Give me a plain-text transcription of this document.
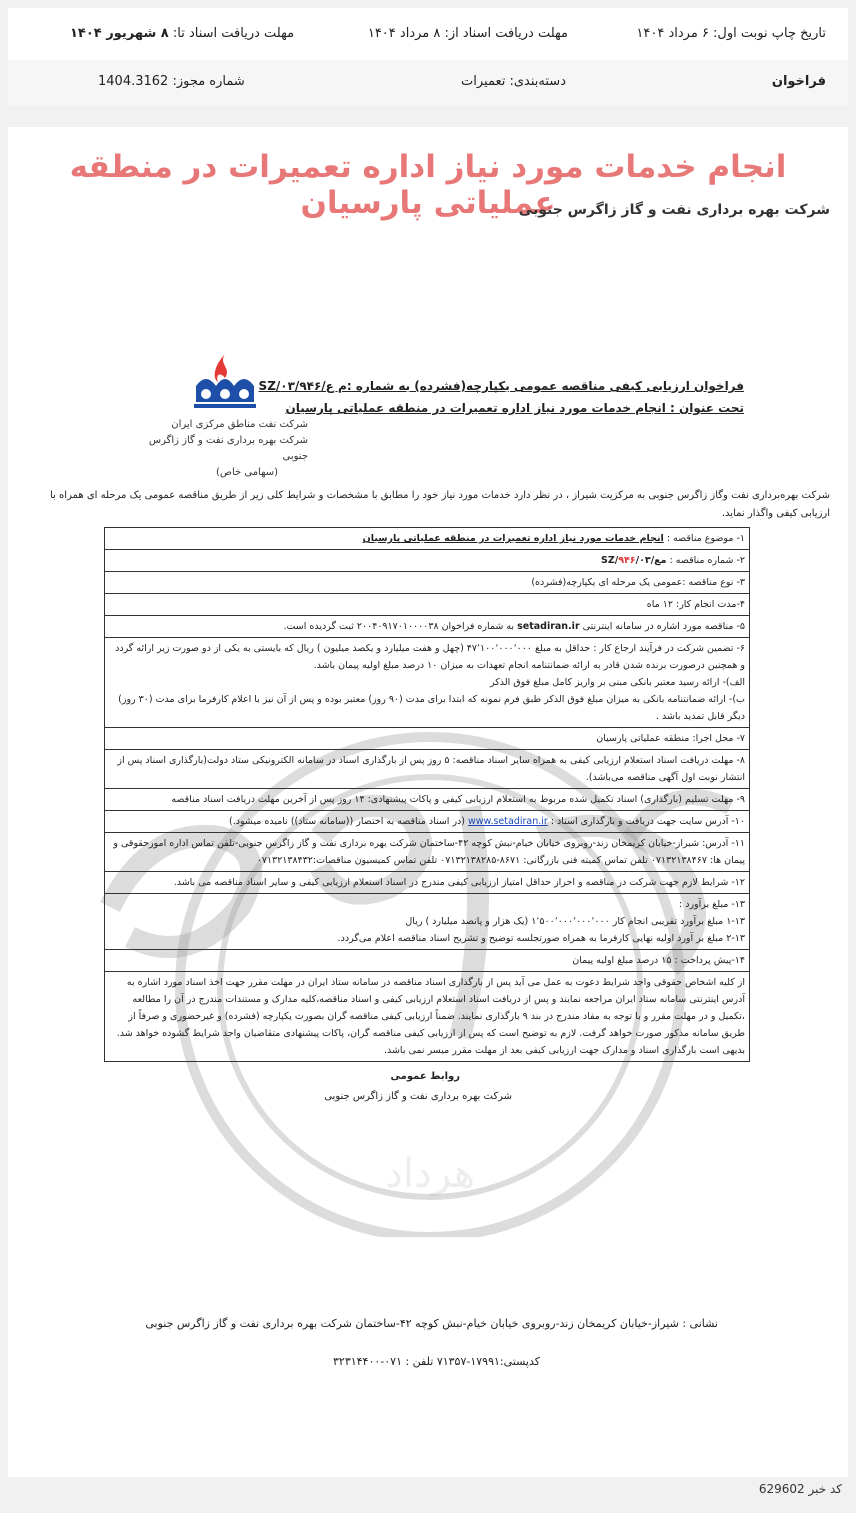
تاریخ چاپ نوبت اول: ۶ مرداد ۱۴۰۴
مهلت دریافت اسناد از: ۸ مرداد ۱۴۰۴
مهلت دریافت اسناد تا: ۸ شهریور ۱۴۰۴
فراخوان
دسته‌بندی: تعمیرات
شماره مجوز: 1404.3162
انجام خدمات مورد نیاز اداره تعمیرات در منطقه عملیاتی پارسیان
شرکت بهره برداری نفت و گاز زاگرس جنوبی
هرداد
شرکت نفت مناطق مرکزی ایران
شرکت بهره برداری نفت و گاز زاگرس جنوبی
(سهامی خاص)
فراخوان ارزیابی کیفی مناقصه عمومی یکپارچه(فشرده) به شماره :م ع/۰۳/۹۴۶/SZ
تحت عنوان : انجام خدمات مورد نیاز اداره تعمیرات در منطقه عملیاتی پارسیان
شرکت بهره‌برداری نفت وگاز زاگرس جنوبی به مرکزیت شیراز ، در نظر دارد خدمات مورد نیاز خود را مطابق با مشخصات و شرایط کلی زیر از طریق مناقصه عمومی یک مرحله ای همراه با ارزیابی کیفی واگذار نماید.
۱- موضوع مناقصه : انجام خدمات مورد نیاز اداره تعمیرات در منطقه عملیاتی پارسیان
۲- شماره مناقصه : مع/۹۴۶/۰۳/SZ
۳- نوع مناقصه :عمومی یک مرحله ای یکپارچه(فشرده)
۴-مدت انجام کار: ۱۲ ماه
۵- مناقصه مورد اشاره در سامانه اینترنتی setadiran.ir به شماره فراخوان ۲۰۰۴۰۹۱۷۰۱۰۰۰۰۳۸ ثبت گردیده است.
۶- تضمین شرکت در فرآیند ارجاع کار : حداقل به مبلغ ۴۷٬۱۰۰٬۰۰۰٬۰۰۰ (چهل و هفت میلیارد و یکصد میلیون ) ریال که بایستی به یکی از دو صورت زیر ارائه گردد و همچنین درصورت برنده شدن قادر به ارائه ضمانتنامه انجام تعهدات به میزان ۱۰ درصد مبلغ اولیه پیمان باشد.
الف)- ارائه رسید معتبر بانکی مبنی بر واریز کامل مبلغ فوق الذکر
ب)- ارائه ضمانتنامه بانکی به میزان مبلغ فوق الذکر طبق فرم نمونه که ابتدا برای مدت (۹۰ روز) معتبر بوده و پس از آن نیز با اعلام کارفرما برای مدت (۳۰ روز) دیگر قابل تمدید باشد .
۷- محل اجرا: منطقه عملیاتی پارسیان
۸- مهلت دریافت اسناد استعلام ارزیابی کیفی به همراه سایر اسناد مناقصه: ۵ روز پس از بارگذاری اسناد در سامانه الکترونیکی ستاد دولت(بارگذاری اسناد پس از انتشار نوبت اول آگهی مناقصه می‌باشد).
۹- مهلت تسلیم (بارگذاری) اسناد تکمیل شده مربوط به استعلام ارزیابی کیفی و پاکات پیشنهادی: ۱۴ روز پس از آخرین مهلت دریافت اسناد مناقصه
۱۰- آدرس سایت جهت دریافت و بارگذاری اسناد : www.setadiran.ir (در اسناد مناقصه به اختصار ((سامانه ستاد)) نامیده میشود.)
۱۱- آدرس: شیراز-خیابان کریمخان زند-روبروی خیابان خیام-نبش کوچه ۴۲-ساختمان شرکت بهره برداری نفت و گاز زاگرس جنوبی-تلفن تماس اداره امورحقوقی و پیمان ها: ۰۷۱۳۲۱۳۸۴۶۷ تلفن تماس کمیته فنی بازرگانی: ۸۶۷۱-۰۷۱۳۲۱۳۸۲۸۵ تلفن تماس کمیسیون مناقصات:۰۷۱۳۲۱۳۸۴۳۲
۱۲- شرایط لازم جهت شرکت در مناقصه و احراز حداقل امتیاز ارزیابی کیفی مندرج در اسناد استعلام ارزیابی کیفی و سایر اسناد مناقصه می باشد.
۱۳- مبلغ برآورد :
۱-۱۳ مبلغ برآورد تقریبی انجام کار ۱٬۵۰۰٬۰۰۰٬۰۰۰٬۰۰۰ (یک هزار و پانصد میلیارد ) ریال
۲-۱۳ مبلغ بر آورد اولیه نهایی کارفرما به همراه صورتجلسه توضیح و تشریح اسناد مناقصه اعلام می‌گردد.
۱۴-پیش پرداخت : ۱۵ درصد مبلغ اولیه پیمان
از کلیه اشخاص حقوقی واجد شرایط دعوت به عمل می آید پس از بارگذاری اسناد مناقصه در سامانه ستاد ایران در مهلت مقرر جهت اخذ اسناد مورد اشاره به آدرس اینترنتی سامانه ستاد ایران مراجعه نمایند و پس از دریافت اسناد استعلام ارزیابی کیفی و اسناد مناقصه،کلیه مدارک و مستندات مندرج در آن را مطالعه ،تکمیل و در مهلت مقرر و با توجه به مفاد مندرج در بند ۹ بارگذاری نمایند. ضمناً ارزیابی کیفی مناقصه گران بصورت یکپارچه (فشرده) و غیرحضوری و صرفاً از طریق سامانه مذکور صورت خواهد گرفت. لازم به توضیح است که پس از ارزیابی کیفی مناقصه گران، پاکات پیشنهادی متقاضیان واجد شرایط گشوده خواهد شد. بدیهی است بارگذاری اسناد و مدارک جهت ارزیابی کیفی بعد از مهلت مقرر میسر نمی باشد.
روابط عمومی
شرکت بهره برداری نفت و گاز زاگرس جنوبی
نشانی : شیراز-خیابان کریمخان زند-روبروی خیابان خیام-نبش کوچه ۴۲-ساختمان شرکت بهره برداری نفت و گاز زاگرس جنوبی
کدپستی:۱۷۹۹۱-۷۱۳۵۷ تلفن : ۰۷۱-۳۲۳۱۴۴۰۰
کد خبر 629602
